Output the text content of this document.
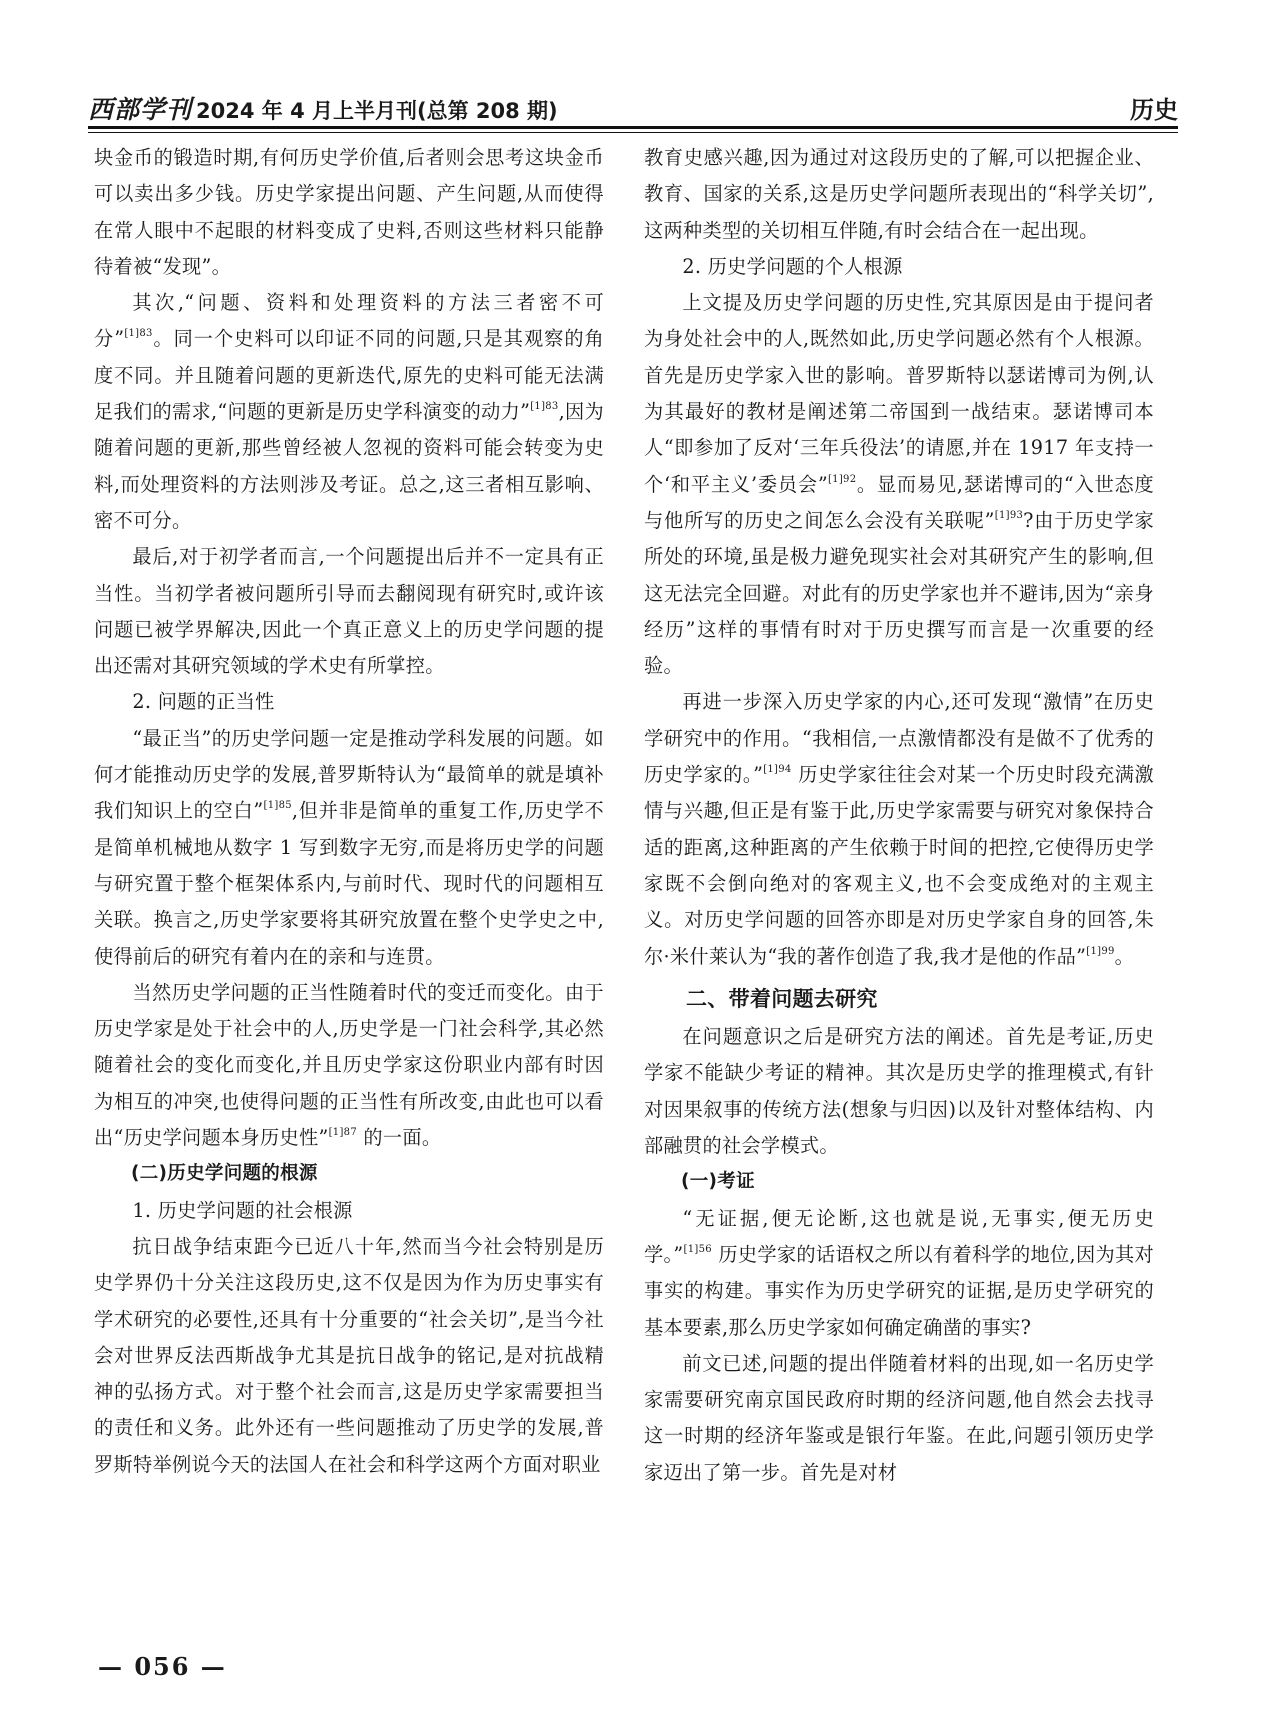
西部学刊 2024 年 4 月上半月刊(总第 208 期)	历史

块金币的锻造时期,有何历史学价值,后者则会思考这块金币可以卖出多少钱。历史学家提出问题、产生问题,从而使得在常人眼中不起眼的材料变成了史料,否则这些材料只能静待着被“发现”。

其次,“问题、资料和处理资料的方法三者密不可分”$^{[1]83}$。同一个史料可以印证不同的问题,只是其观察的角度不同。并且随着问题的更新迭代,原先的史料可能无法满足我们的需求,“问题的更新是历史学科演变的动力”$^{[1]83}$,因为随着问题的更新,那些曾经被人忽视的资料可能会转变为史料,而处理资料的方法则涉及考证。总之,这三者相互影响、密不可分。

最后,对于初学者而言,一个问题提出后并不一定具有正当性。当初学者被问题所引导而去翻阅现有研究时,或许该问题已被学界解决,因此一个真正意义上的历史学问题的提出还需对其研究领域的学术史有所掌控。

2. 问题的正当性

“最正当”的历史学问题一定是推动学科发展的问题。如何才能推动历史学的发展,普罗斯特认为“最简单的就是填补我们知识上的空白”$^{[1]85}$,但并非是简单的重复工作,历史学不是简单机械地从数字 1 写到数字无穷,而是将历史学的问题与研究置于整个框架体系内,与前时代、现时代的问题相互关联。换言之,历史学家要将其研究放置在整个史学史之中,使得前后的研究有着内在的亲和与连贯。

当然历史学问题的正当性随着时代的变迁而变化。由于历史学家是处于社会中的人,历史学是一门社会科学,其必然随着社会的变化而变化,并且历史学家这份职业内部有时因为相互的冲突,也使得问题的正当性有所改变,由此也可以看出“历史学问题本身历史性”$^{[1]87}$ 的一面。

(二)历史学问题的根源

1. 历史学问题的社会根源

抗日战争结束距今已近八十年,然而当今社会特别是历史学界仍十分关注这段历史,这不仅是因为作为历史事实有学术研究的必要性,还具有十分重要的“社会关切”,是当今社会对世界反法西斯战争尤其是抗日战争的铭记,是对抗战精神的弘扬方式。对于整个社会而言,这是历史学家需要担当的责任和义务。此外还有一些问题推动了历史学的发展,普罗斯特举例说今天的法国人在社会和科学这两个方面对职业

教育史感兴趣,因为通过对这段历史的了解,可以把握企业、教育、国家的关系,这是历史学问题所表现出的“科学关切”,这两种类型的关切相互伴随,有时会结合在一起出现。

2. 历史学问题的个人根源

上文提及历史学问题的历史性,究其原因是由于提问者为身处社会中的人,既然如此,历史学问题必然有个人根源。首先是历史学家入世的影响。普罗斯特以瑟诺博司为例,认为其最好的教材是阐述第二帝国到一战结束。瑟诺博司本人“即参加了反对‘三年兵役法’的请愿,并在 1917 年支持一个‘和平主义’委员会”$^{[1]92}$。显而易见,瑟诺博司的“入世态度与他所写的历史之间怎么会没有关联呢”$^{[1]93}$?由于历史学家所处的环境,虽是极力避免现实社会对其研究产生的影响,但这无法完全回避。对此有的历史学家也并不避讳,因为“亲身经历”这样的事情有时对于历史撰写而言是一次重要的经验。

再进一步深入历史学家的内心,还可发现“激情”在历史学研究中的作用。“我相信,一点激情都没有是做不了优秀的历史学家的。”$^{[1]94}$ 历史学家往往会对某一个历史时段充满激情与兴趣,但正是有鉴于此,历史学家需要与研究对象保持合适的距离,这种距离的产生依赖于时间的把控,它使得历史学家既不会倒向绝对的客观主义,也不会变成绝对的主观主义。对历史学问题的回答亦即是对历史学家自身的回答,朱尔·米什莱认为“我的著作创造了我,我才是他的作品”$^{[1]99}$。

二、带着问题去研究

在问题意识之后是研究方法的阐述。首先是考证,历史学家不能缺少考证的精神。其次是历史学的推理模式,有针对因果叙事的传统方法(想象与归因)以及针对整体结构、内部融贯的社会学模式。

(一)考证

“无证据,便无论断,这也就是说,无事实,便无历史学。”$^{[1]56}$ 历史学家的话语权之所以有着科学的地位,因为其对事实的构建。事实作为历史学研究的证据,是历史学研究的基本要素,那么历史学家如何确定确凿的事实?

前文已述,问题的提出伴随着材料的出现,如一名历史学家需要研究南京国民政府时期的经济问题,他自然会去找寻这一时期的经济年鉴或是银行年鉴。在此,问题引领历史学家迈出了第一步。首先是对材

— 056 —
